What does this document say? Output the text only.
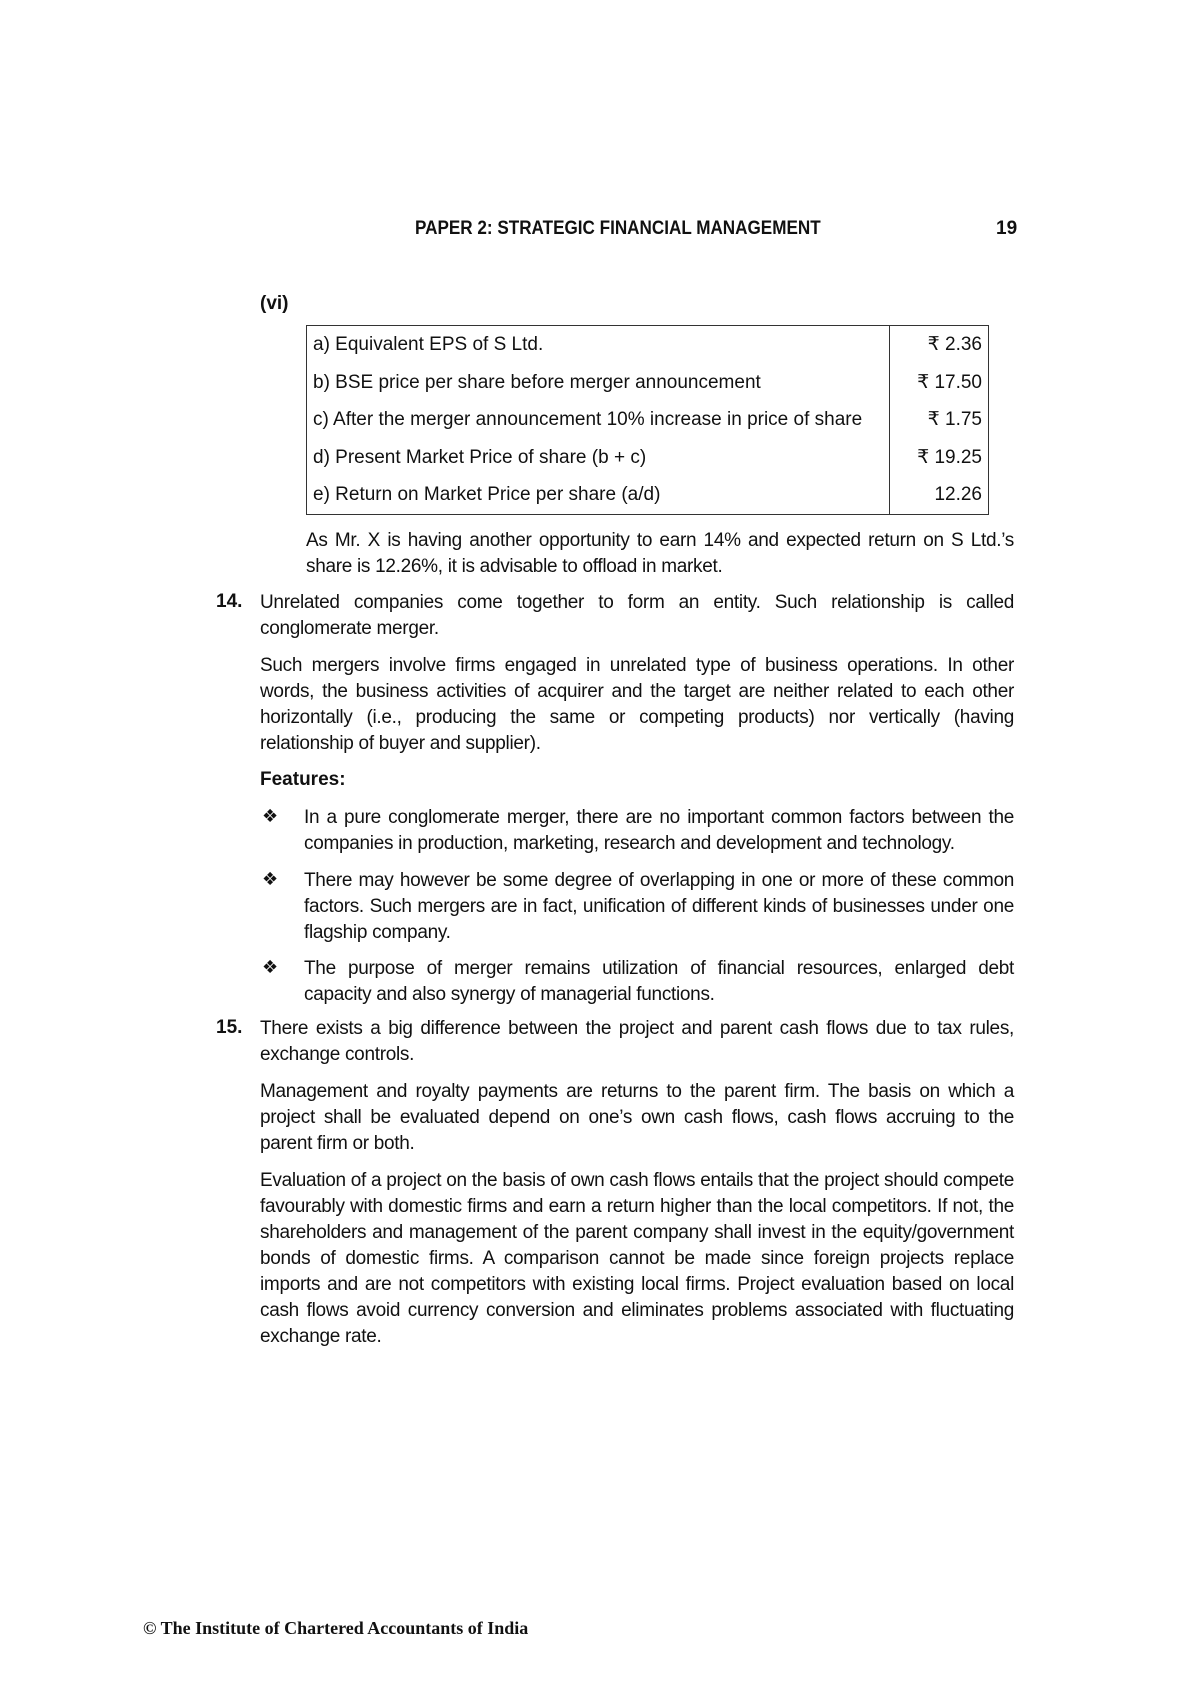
PAPER 2: STRATEGIC FINANCIAL MANAGEMENT	19
(vi)
a) Equivalent EPS of S Ltd.	₹ 2.36
b) BSE price per share before merger announcement	₹ 17.50
c) After the merger announcement 10% increase in price of share	₹ 1.75
d) Present Market Price of share (b + c)	₹ 19.25
e) Return on Market Price per share (a/d)	12.26
As Mr. X is having another opportunity to earn 14% and expected return on S Ltd.’s share is 12.26%, it is advisable to offload in market.
14. Unrelated companies come together to form an entity. Such relationship is called conglomerate merger.
Such mergers involve firms engaged in unrelated type of business operations. In other words, the business activities of acquirer and the target are neither related to each other horizontally (i.e., producing the same or competing products) nor vertically (having relationship of buyer and supplier).
Features:
❖ In a pure conglomerate merger, there are no important common factors between the companies in production, marketing, research and development and technology.
❖ There may however be some degree of overlapping in one or more of these common factors. Such mergers are in fact, unification of different kinds of businesses under one flagship company.
❖ The purpose of merger remains utilization of financial resources, enlarged debt capacity and also synergy of managerial functions.
15. There exists a big difference between the project and parent cash flows due to tax rules, exchange controls.
Management and royalty payments are returns to the parent firm. The basis on which a project shall be evaluated depend on one’s own cash flows, cash flows accruing to the parent firm or both.
Evaluation of a project on the basis of own cash flows entails that the project should compete favourably with domestic firms and earn a return higher than the local competitors. If not, the shareholders and management of the parent company shall invest in the equity/government bonds of domestic firms. A comparison cannot be made since foreign projects replace imports and are not competitors with existing local firms. Project evaluation based on local cash flows avoid currency conversion and eliminates problems associated with fluctuating exchange rate.
© The Institute of Chartered Accountants of India
